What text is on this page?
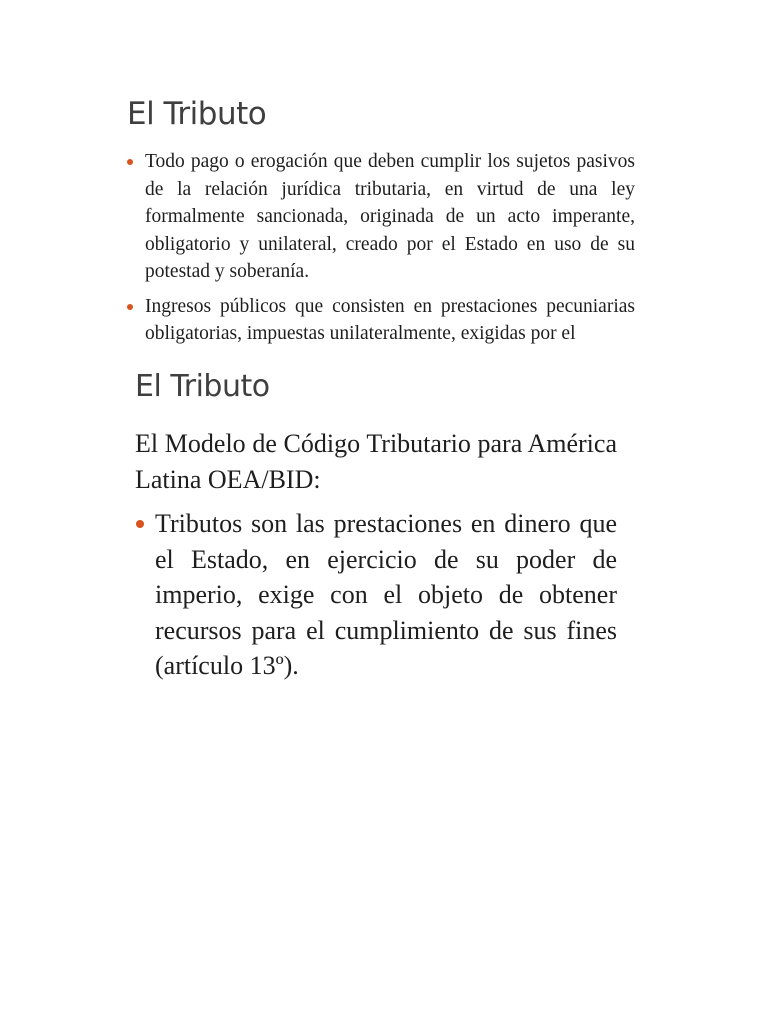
El Tributo
Todo pago o erogación que deben cumplir los sujetos pasivos de la relación jurídica tributaria, en virtud de una ley formalmente sancionada, originada de un acto imperante, obligatorio y unilateral, creado por el Estado en uso de su potestad y soberanía.
Ingresos públicos que consisten en prestaciones pecuniarias obligatorias, impuestas unilateralmente, exigidas por el
El Tributo
El Modelo de Código Tributario para América Latina OEA/BID:
Tributos son las prestaciones en dinero que el Estado, en ejercicio de su poder de imperio, exige con el objeto de obtener recursos para el cumplimiento de sus fines (artículo 13º).
